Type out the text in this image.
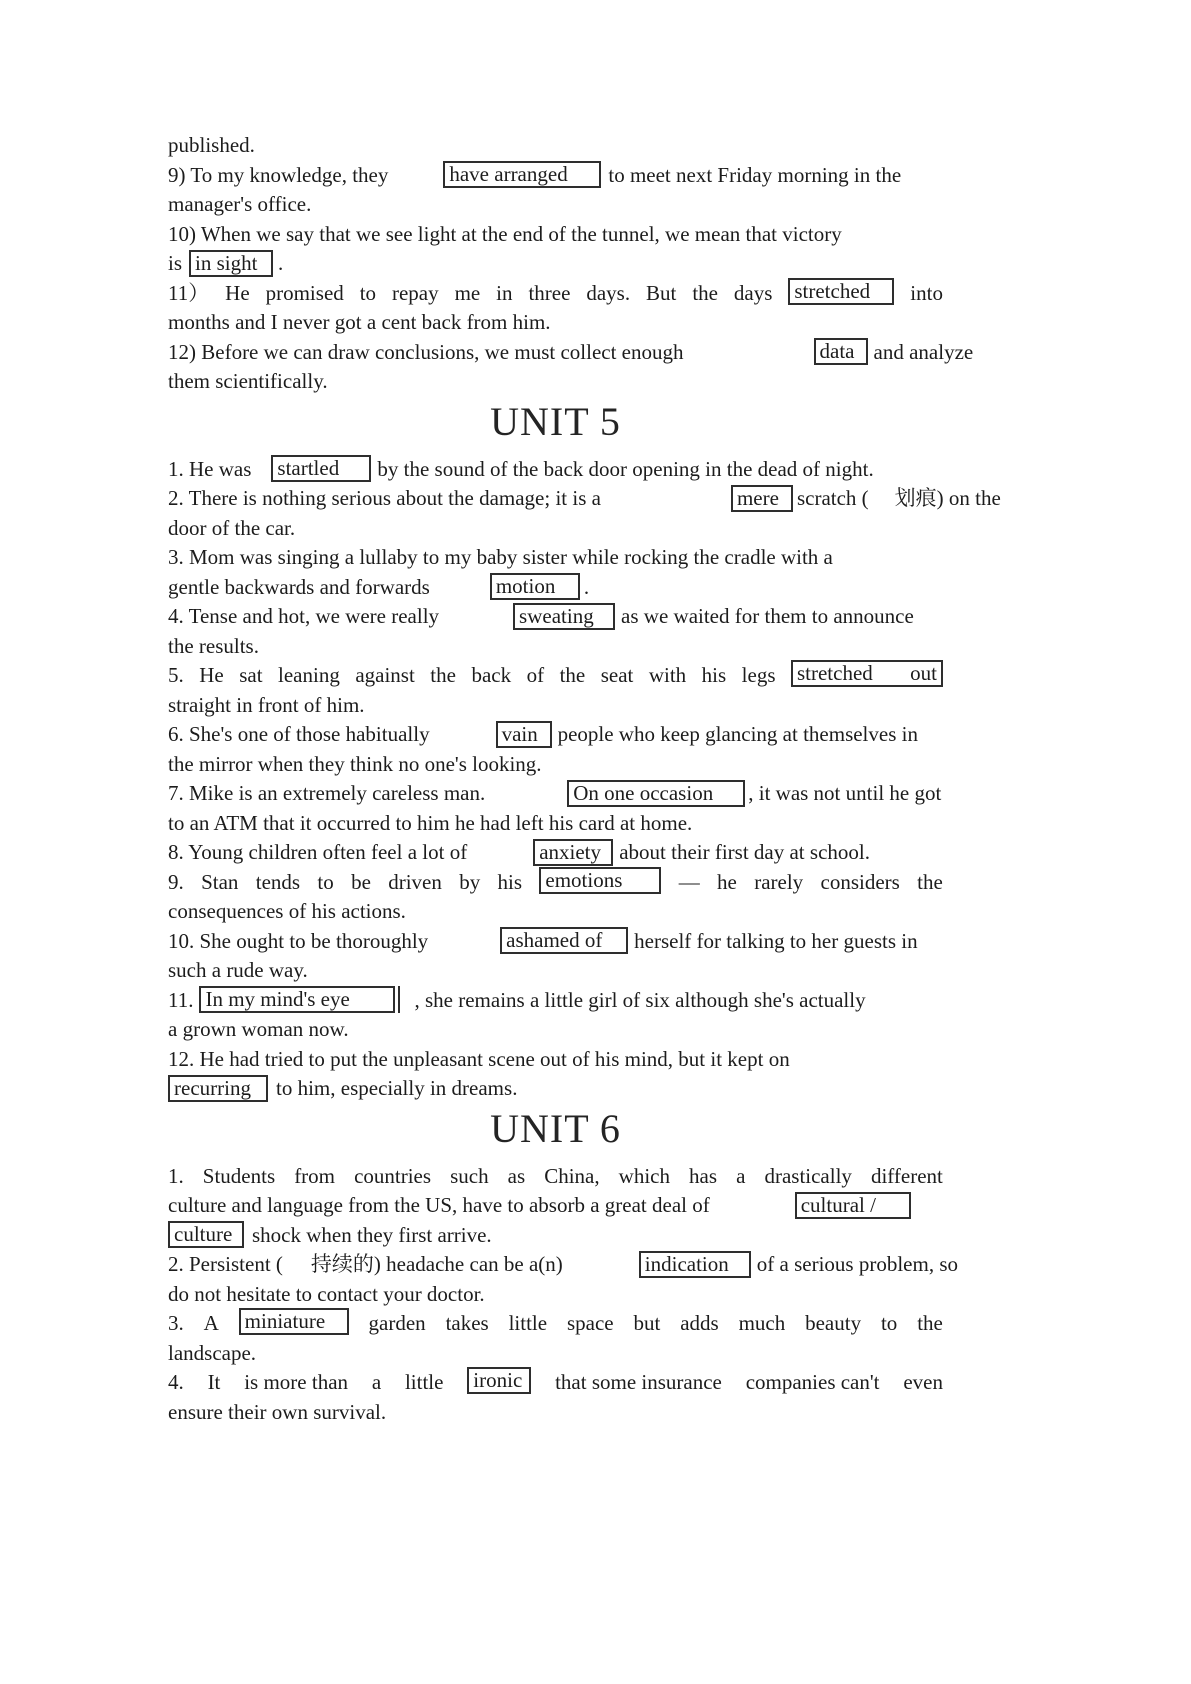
published.
9) To my knowledge, they	have arranged to meet next Friday morning in the
manager's office.
10) When we say that we see light at the end of the tunnel, we mean that victory
is in sight .
11） He promised to repay me in three days. But the days stretched	into
months and I never got a cent back from him.
12) Before we can draw conclusions, we must collect enough	data and analyze
them scientifically.
UNIT 5
1. He was startled by the sound of the back door opening in the dead of night.
2. There is nothing serious about the damage; it is a	mere scratch ( 划痕) on the
door of the car.
3. Mom was singing a lullaby to my baby sister while rocking the cradle with a
gentle backwards and forwards	motion .
4. Tense and hot, we were really	sweating as we waited for them to announce
the results.
5. He sat leaning against the back of the seat with his legs stretched out
straight in front of him.
6. She's one of those habitually	vain people who keep glancing at themselves in
the mirror when they think no one's looking.
7. Mike is an extremely careless man.	On one occasion , it was not until he got
to an ATM that it occurred to him he had left his card at home.
8. Young children often feel a lot of	anxiety about their first day at school.
9. Stan tends to be driven by his emotions	— he rarely considers the
consequences of his actions.
10. She ought to be thoroughly	ashamed of herself for talking to her guests in
such a rude way.
11. In my mind's eye	, she remains a little girl of six although she's actually
a grown woman now.
12. He had tried to put the unpleasant scene out of his mind, but it kept on
recurring to him, especially in dreams.
UNIT 6
1. Students from countries such as China, which has a drastically different
culture and language from the US, have to absorb a great deal of	cultural /
culture shock when they first arrive.
2. Persistent ( 持续的) headache can be a(n)	indication of a serious problem, so
do not hesitate to contact your doctor.
3. A miniature	garden takes little space but adds much beauty to the
landscape.
4. It is more than a little ironic	that some insurance companies can't even
ensure their own survival.
